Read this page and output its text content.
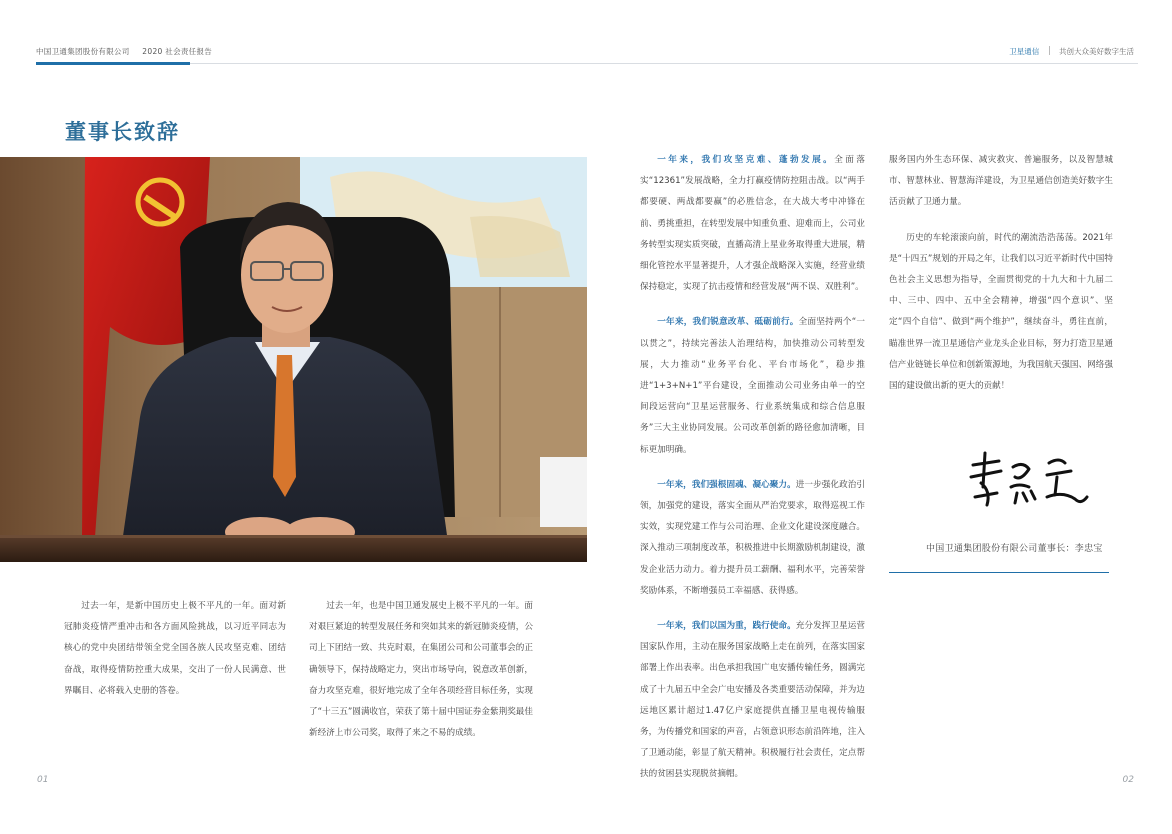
中国卫通集团股份有限公司 2020 社会责任报告	卫星通信	共创大众美好数字生活
董事长致辞

过去一年，是新中国历史上极不平凡的一年。面对新冠肺炎疫情严重冲击和各方面风险挑战，以习近平同志为核心的党中央团结带领全党全国各族人民攻坚克难、团结奋战，取得疫情防控重大成果，交出了一份人民满意、世界瞩目、必将载入史册的答卷。

过去一年，也是中国卫通发展史上极不平凡的一年。面对艰巨紧迫的转型发展任务和突如其来的新冠肺炎疫情，公司上下团结一致、共克时艰，在集团公司和公司董事会的正确领导下，保持战略定力，突出市场导向，锐意改革创新，奋力攻坚克难，很好地完成了全年各项经营目标任务，实现了“十三五”圆满收官，荣获了第十届中国证券金紫荆奖最佳新经济上市公司奖，取得了来之不易的成绩。

一年来，我们攻坚克难、蓬勃发展。全面落实“12361”发展战略，全力打赢疫情防控阻击战。以“两手都要硬、两战都要赢”的必胜信念，在大战大考中冲锋在前、勇挑重担，在转型发展中知重负重、迎难而上，公司业务转型实现实质突破，直播高清上星业务取得重大进展，精细化管控水平显著提升，人才强企战略深入实施，经营业绩保持稳定，实现了抗击疫情和经营发展“两不误、双胜利”。

一年来，我们锐意改革、砥砺前行。全面坚持两个“一以贯之”，持续完善法人治理结构，加快推动公司转型发展，大力推动“业务平台化、平台市场化”，稳步推进“1+3+N+1”平台建设，全面推动公司业务由单一的空间段运营向“卫星运营服务、行业系统集成和综合信息服务”三大主业协同发展。公司改革创新的路径愈加清晰，目标更加明确。

一年来，我们强根固魂、凝心聚力。进一步强化政治引领，加强党的建设，落实全面从严治党要求，取得巡视工作实效，实现党建工作与公司治理、企业文化建设深度融合。深入推动三项制度改革，积极推进中长期激励机制建设，激发企业活力动力。着力提升员工薪酬、福利水平，完善荣誉奖励体系，不断增强员工幸福感、获得感。

一年来，我们以国为重，践行使命。充分发挥卫星运营国家队作用，主动在服务国家战略上走在前列，在落实国家部署上作出表率。出色承担我国广电安播传输任务，圆满完成了十九届五中全会广电安播及各类重要活动保障，并为边远地区累计超过1.47亿户家庭提供直播卫星电视传输服务，为传播党和国家的声音，占领意识形态前沿阵地，注入了卫通动能，彰显了航天精神。积极履行社会责任，定点帮扶的贫困县实现脱贫摘帽。

服务国内外生态环保、减灾救灾、普遍服务，以及智慧城市、智慧林业、智慧海洋建设，为卫星通信创造美好数字生活贡献了卫通力量。

历史的车轮滚滚向前，时代的潮流浩浩荡荡。2021年是“十四五”规划的开局之年，让我们以习近平新时代中国特色社会主义思想为指导，全面贯彻党的十九大和十九届二中、三中、四中、五中全会精神，增强“四个意识”、坚定“四个自信”、做到“两个维护”，继续奋斗，勇往直前，瞄准世界一流卫星通信产业龙头企业目标，努力打造卫星通信产业链链长单位和创新策源地，为我国航天强国、网络强国的建设做出新的更大的贡献！

中国卫通集团股份有限公司董事长：李忠宝
01	02
